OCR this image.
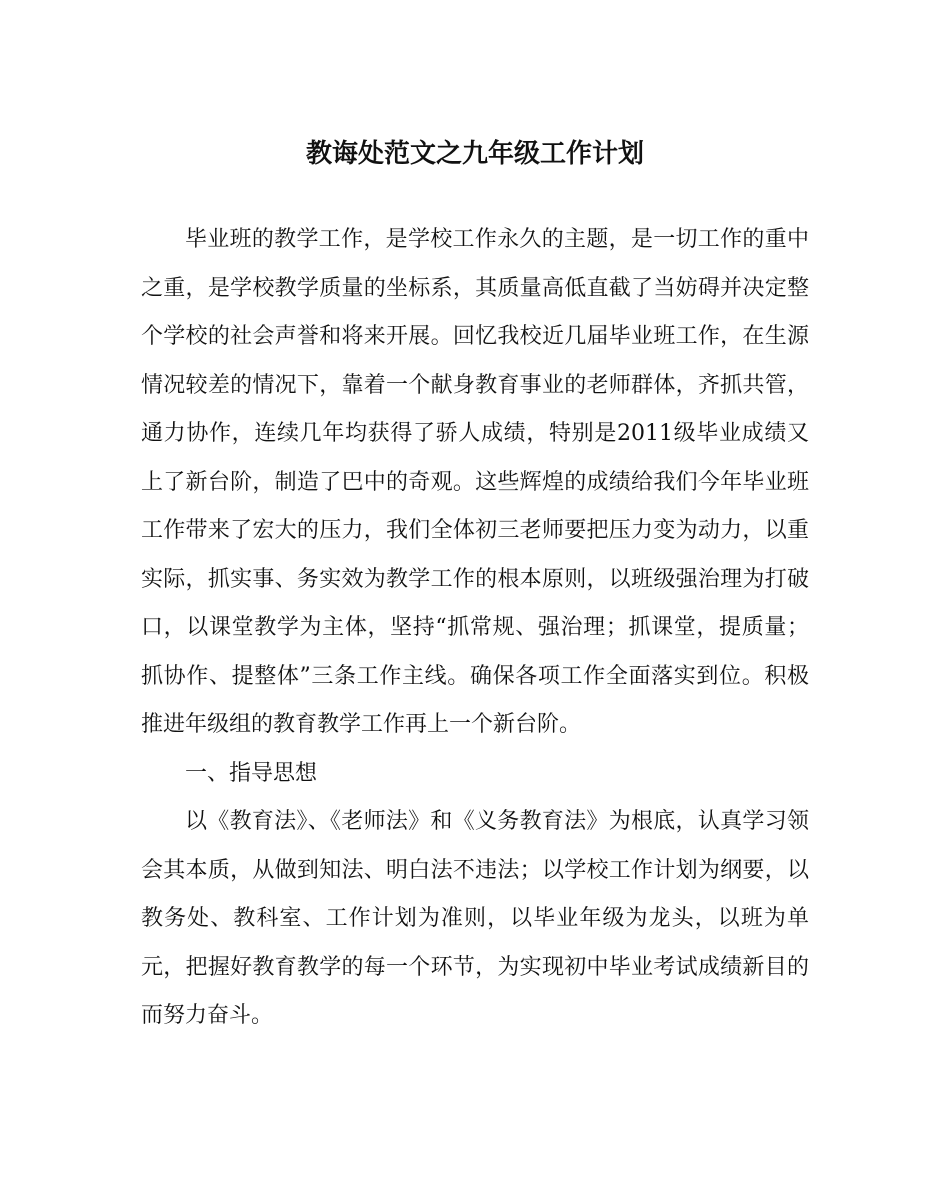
教诲处范文之九年级工作计划

毕业班的教学工作，是学校工作永久的主题，是一切工作的重中之重，是学校教学质量的坐标系，其质量高低直截了当妨碍并决定整个学校的社会声誉和将来开展。回忆我校近几届毕业班工作，在生源情况较差的情况下，靠着一个献身教育事业的老师群体，齐抓共管，通力协作，连续几年均获得了骄人成绩，特别是2011级毕业成绩又上了新台阶，制造了巴中的奇观。这些辉煌的成绩给我们今年毕业班工作带来了宏大的压力，我们全体初三老师要把压力变为动力，以重实际，抓实事、务实效为教学工作的根本原则，以班级强治理为打破口，以课堂教学为主体，坚持“抓常规、强治理；抓课堂，提质量；抓协作、提整体”三条工作主线。确保各项工作全面落实到位。积极推进年级组的教育教学工作再上一个新台阶。

一、指导思想

以《教育法》、《老师法》和《义务教育法》为根底，认真学习领会其本质，从做到知法、明白法不违法；以学校工作计划为纲要，以教务处、教科室、工作计划为准则，以毕业年级为龙头，以班为单元，把握好教育教学的每一个环节，为实现初中毕业考试成绩新目的而努力奋斗。
